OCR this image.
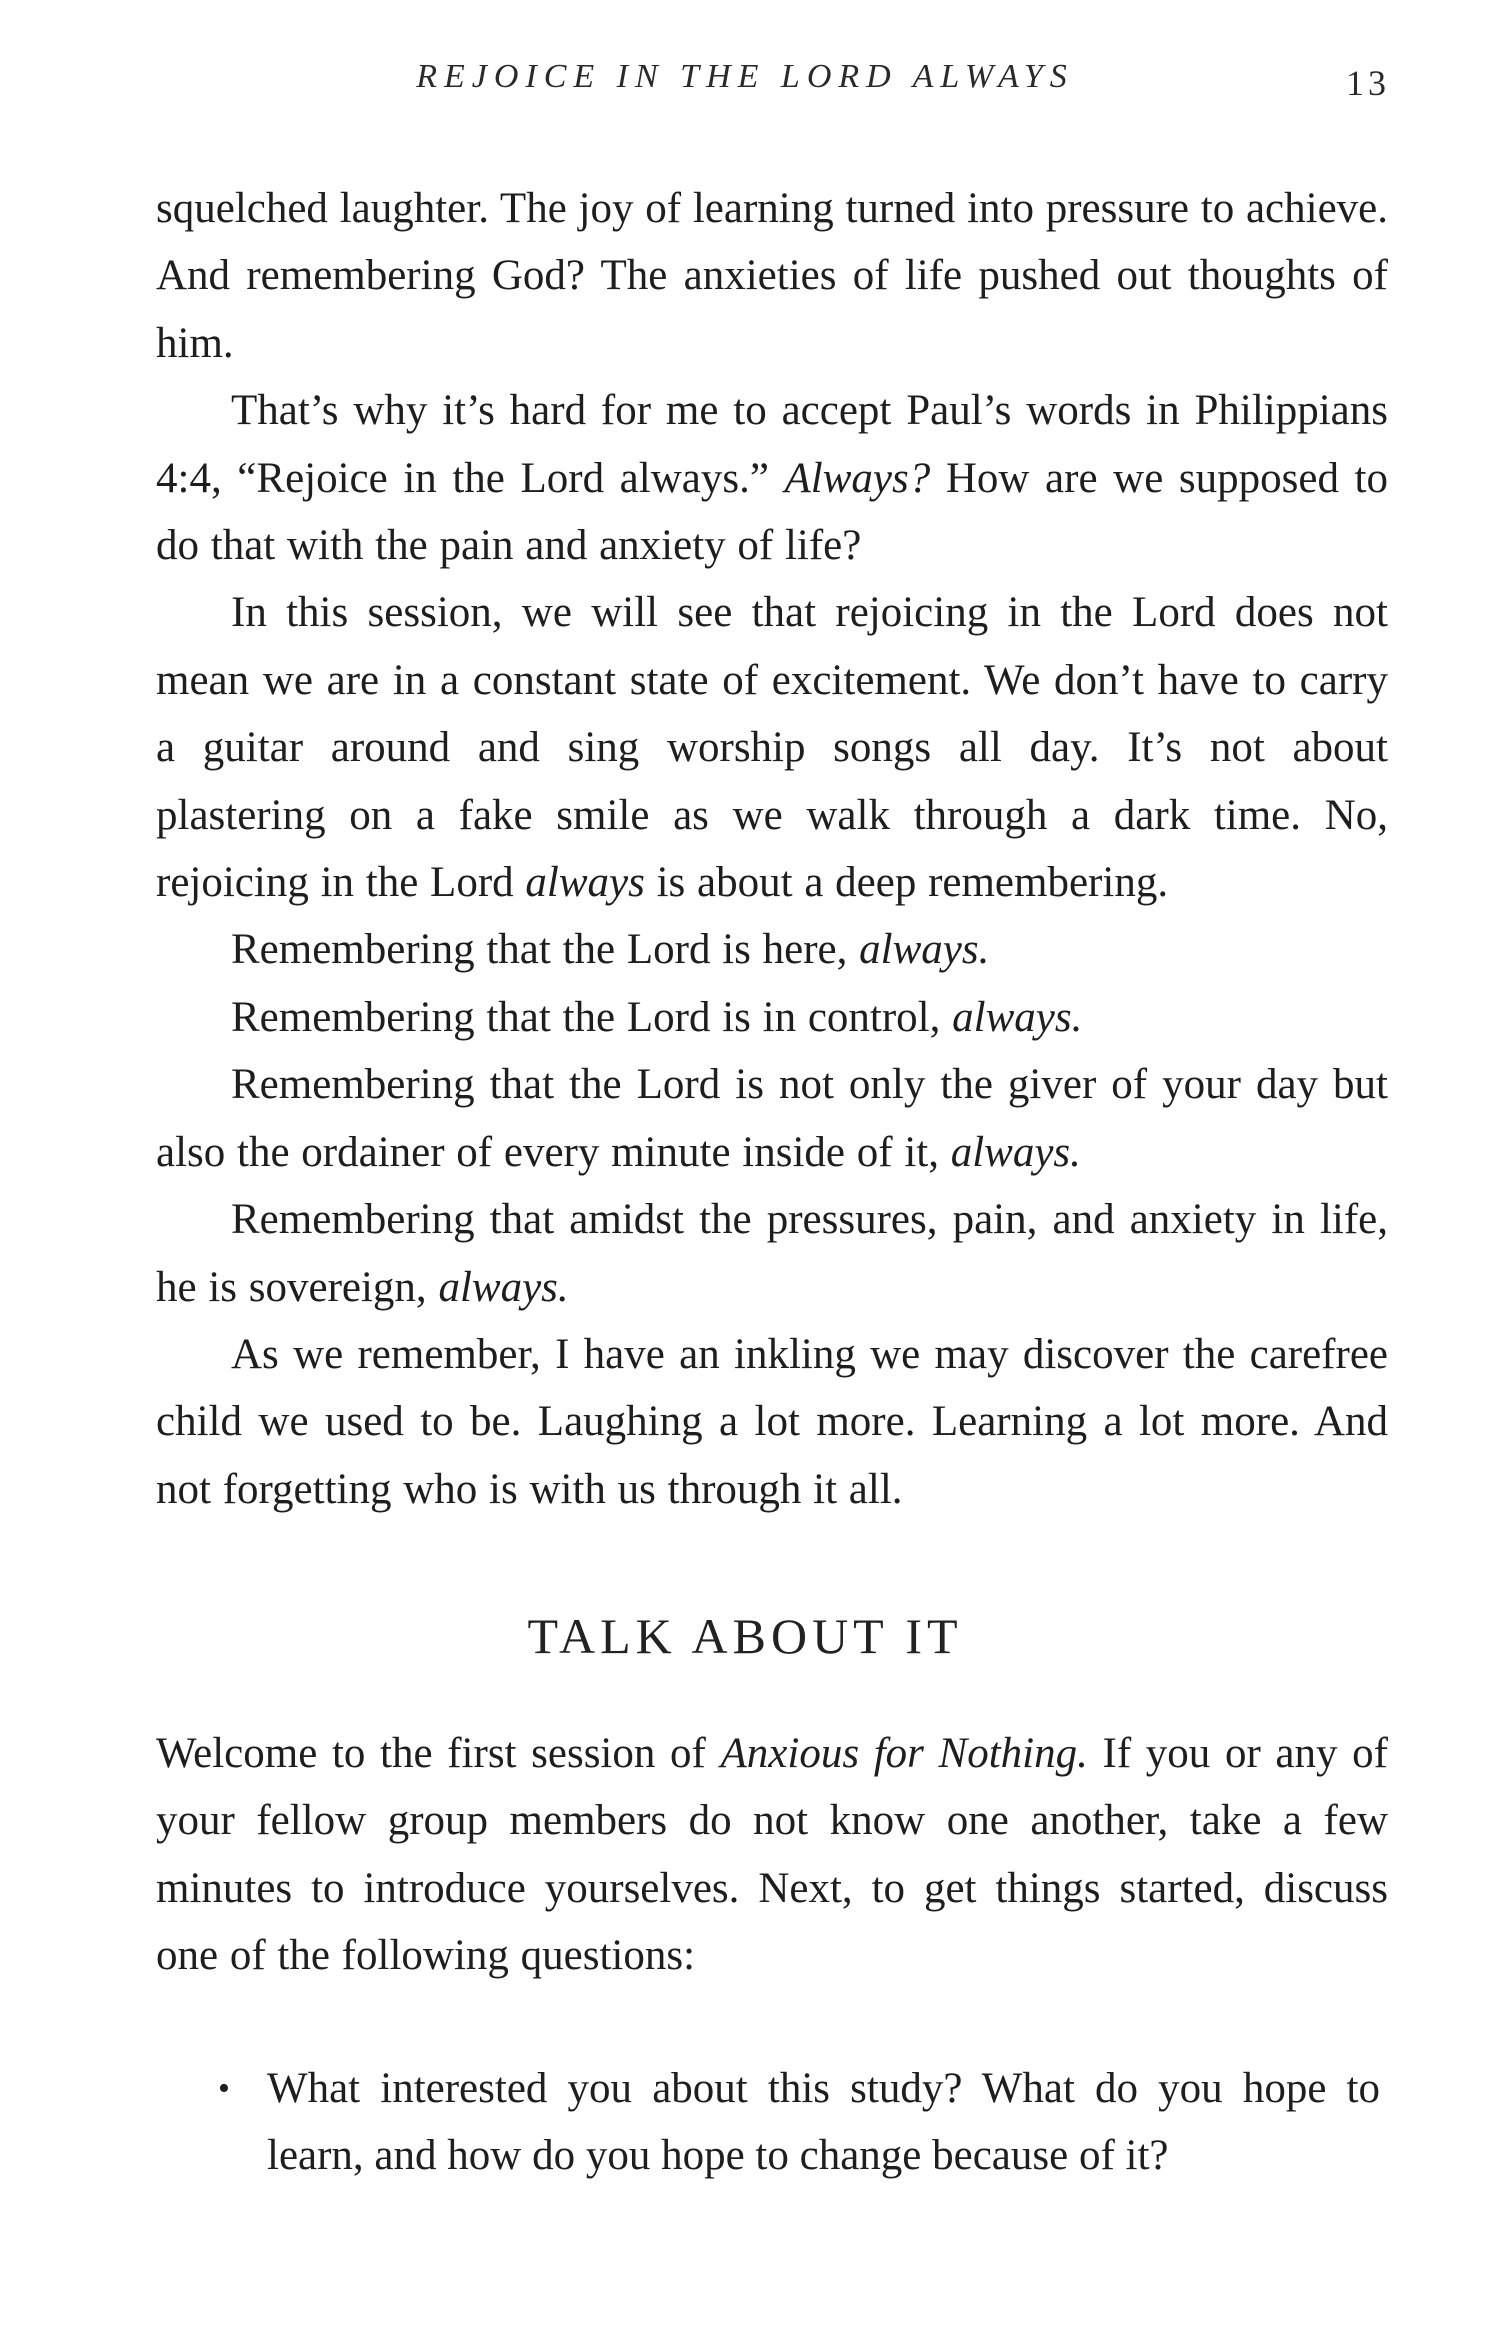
REJOICE IN THE LORD ALWAYS	13

squelched laughter. The joy of learning turned into pressure to achieve. And remembering God? The anxieties of life pushed out thoughts of him.

That’s why it’s hard for me to accept Paul’s words in Philippians 4:4, “Rejoice in the Lord always.” Always? How are we supposed to do that with the pain and anxiety of life?

In this session, we will see that rejoicing in the Lord does not mean we are in a constant state of excitement. We don’t have to carry a guitar around and sing worship songs all day. It’s not about plastering on a fake smile as we walk through a dark time. No, rejoicing in the Lord always is about a deep remembering.

Remembering that the Lord is here, always.

Remembering that the Lord is in control, always.

Remembering that the Lord is not only the giver of your day but also the ordainer of every minute inside of it, always.

Remembering that amidst the pressures, pain, and anxiety in life, he is sovereign, always.

As we remember, I have an inkling we may discover the carefree child we used to be. Laughing a lot more. Learning a lot more. And not forgetting who is with us through it all.

TALK ABOUT IT

Welcome to the first session of Anxious for Nothing. If you or any of your fellow group members do not know one another, take a few minutes to introduce yourselves. Next, to get things started, discuss one of the following questions:

• What interested you about this study? What do you hope to learn, and how do you hope to change because of it?
